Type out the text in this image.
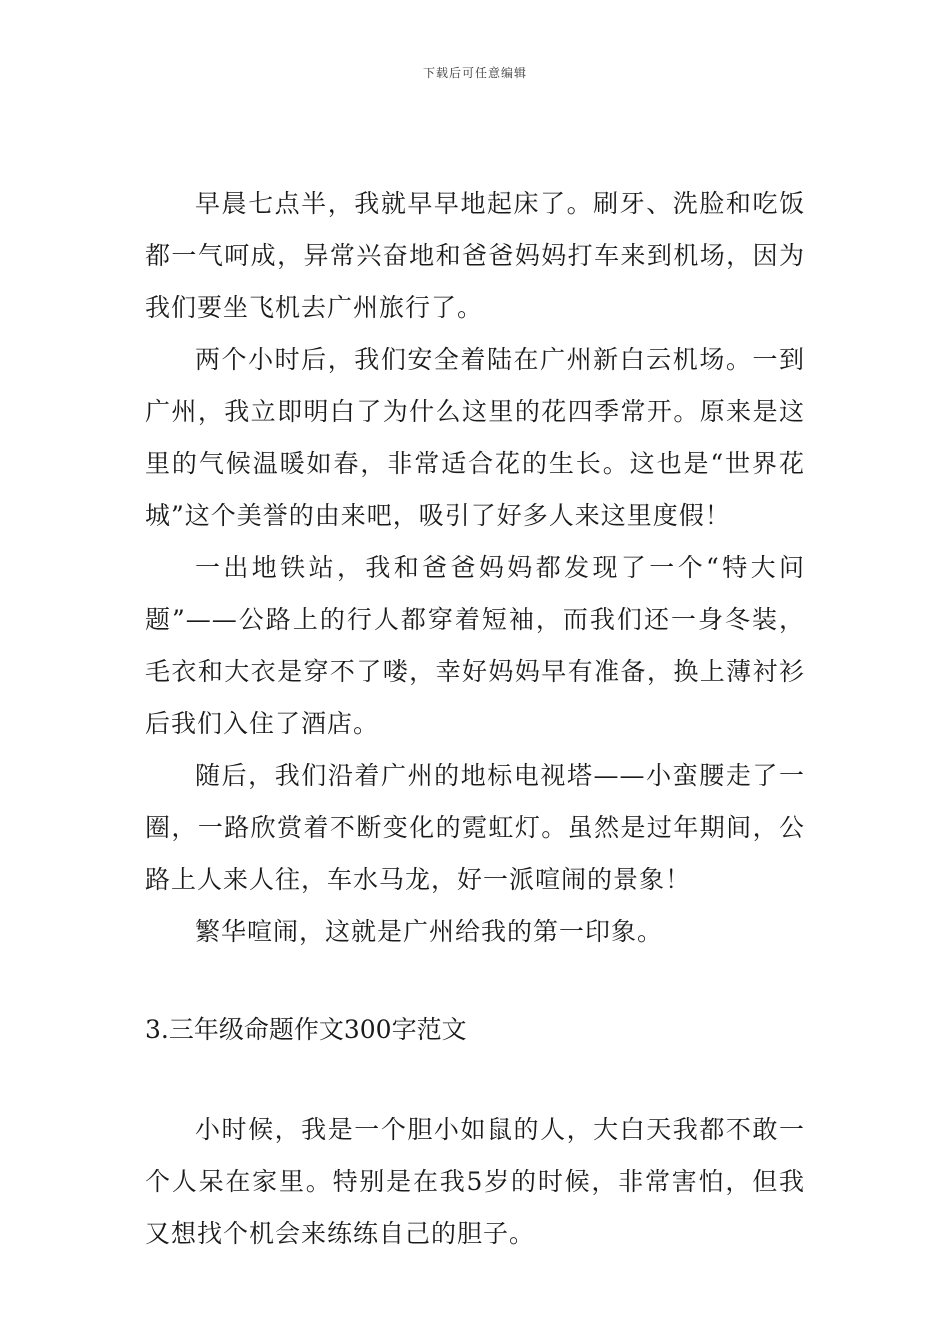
下载后可任意编辑

早晨七点半，我就早早地起床了。刷牙、洗脸和吃饭都一气呵成，异常兴奋地和爸爸妈妈打车来到机场，因为我们要坐飞机去广州旅行了。

两个小时后，我们安全着陆在广州新白云机场。一到广州，我立即明白了为什么这里的花四季常开。原来是这里的气候温暖如春，非常适合花的生长。这也是“世界花城”这个美誉的由来吧，吸引了好多人来这里度假！

一出地铁站，我和爸爸妈妈都发现了一个“特大问题”——公路上的行人都穿着短袖，而我们还一身冬装，毛衣和大衣是穿不了喽，幸好妈妈早有准备，换上薄衬衫后我们入住了酒店。

随后，我们沿着广州的地标电视塔——小蛮腰走了一圈，一路欣赏着不断变化的霓虹灯。虽然是过年期间，公路上人来人往，车水马龙，好一派喧闹的景象！

繁华喧闹，这就是广州给我的第一印象。

3.三年级命题作文300字范文

小时候，我是一个胆小如鼠的人，大白天我都不敢一个人呆在家里。特别是在我5岁的时候，非常害怕，但我又想找个机会来练练自己的胆子。
